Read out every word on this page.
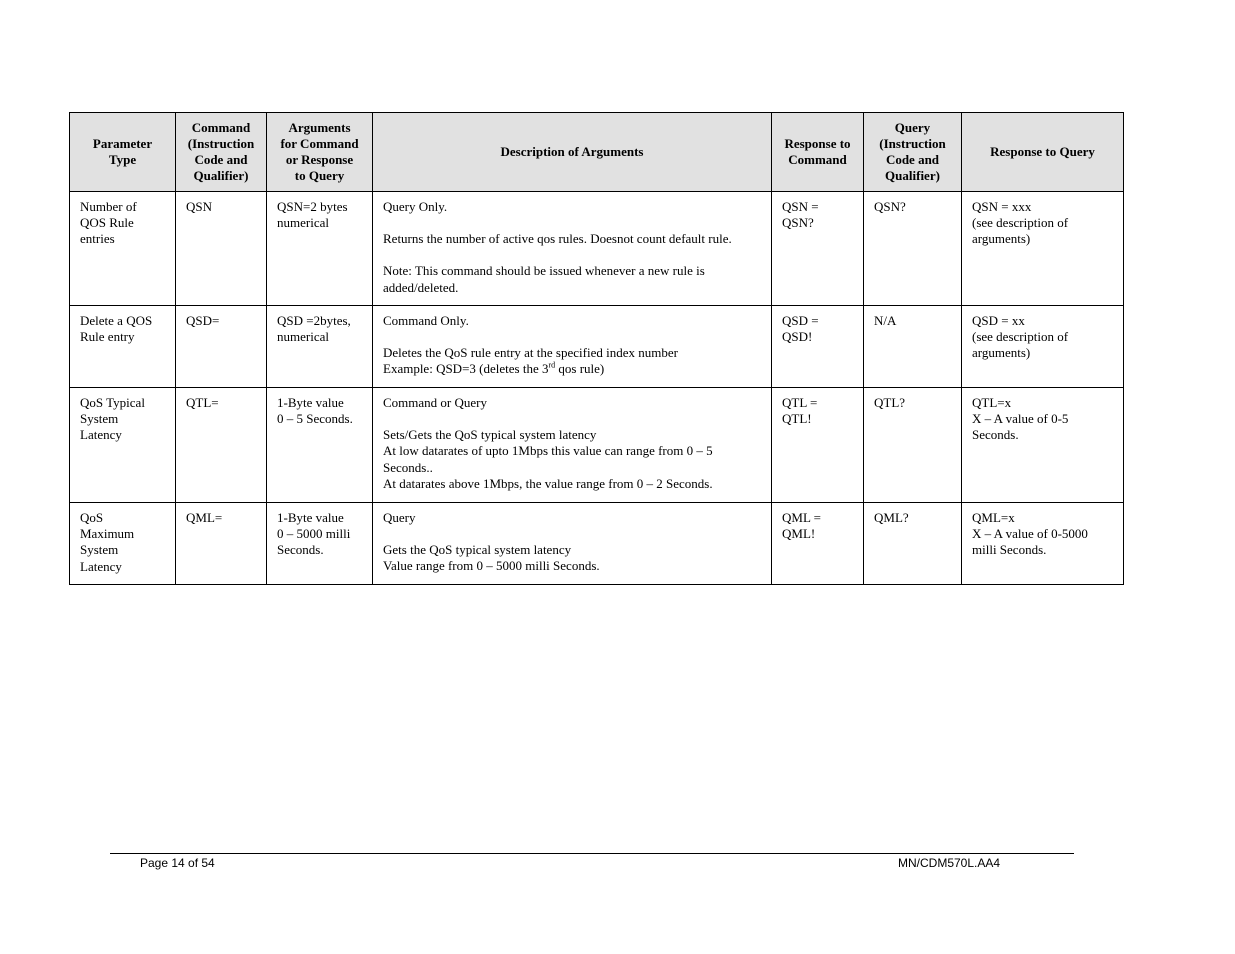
Parameter
Type	Command
(Instruction
Code and
Qualifier)	Arguments
for Command
or Response
to Query	Description of Arguments	Response to
Command	Query
(Instruction
Code and
Qualifier)	Response to Query

Number of
QOS Rule
entries	QSN	QSN=2 bytes
numerical	Query Only.
Returns the number of active qos rules. Doesnot count default rule.
Note: This command should be issued whenever a new rule is
added/deleted.	QSN =
QSN?	QSN?	QSN = xxx
(see description of
arguments)

Delete a QOS
Rule entry	QSD=	QSD =2bytes,
numerical	Command Only.
Deletes the QoS rule entry at the specified index number
Example: QSD=3 (deletes the 3rd qos rule)	QSD =
QSD!	N/A	QSD = xx
(see description of
arguments)

QoS Typical
System
Latency	QTL=	1-Byte value
0 – 5 Seconds.	Command or Query
Sets/Gets the QoS typical system latency
At low datarates of upto 1Mbps this value can range from 0 – 5
Seconds..
At datarates above 1Mbps, the value range from 0 – 2 Seconds.	QTL =
QTL!	QTL?	QTL=x
X – A value of 0-5
Seconds.

QoS
Maximum
System
Latency	QML=	1-Byte value
0 – 5000 milli
Seconds.	Query
Gets the QoS typical system latency
Value range from 0 – 5000 milli Seconds.	QML =
QML!	QML?	QML=x
X – A value of 0-5000
milli Seconds.
Page 14 of 54	MN/CDM570L.AA4
